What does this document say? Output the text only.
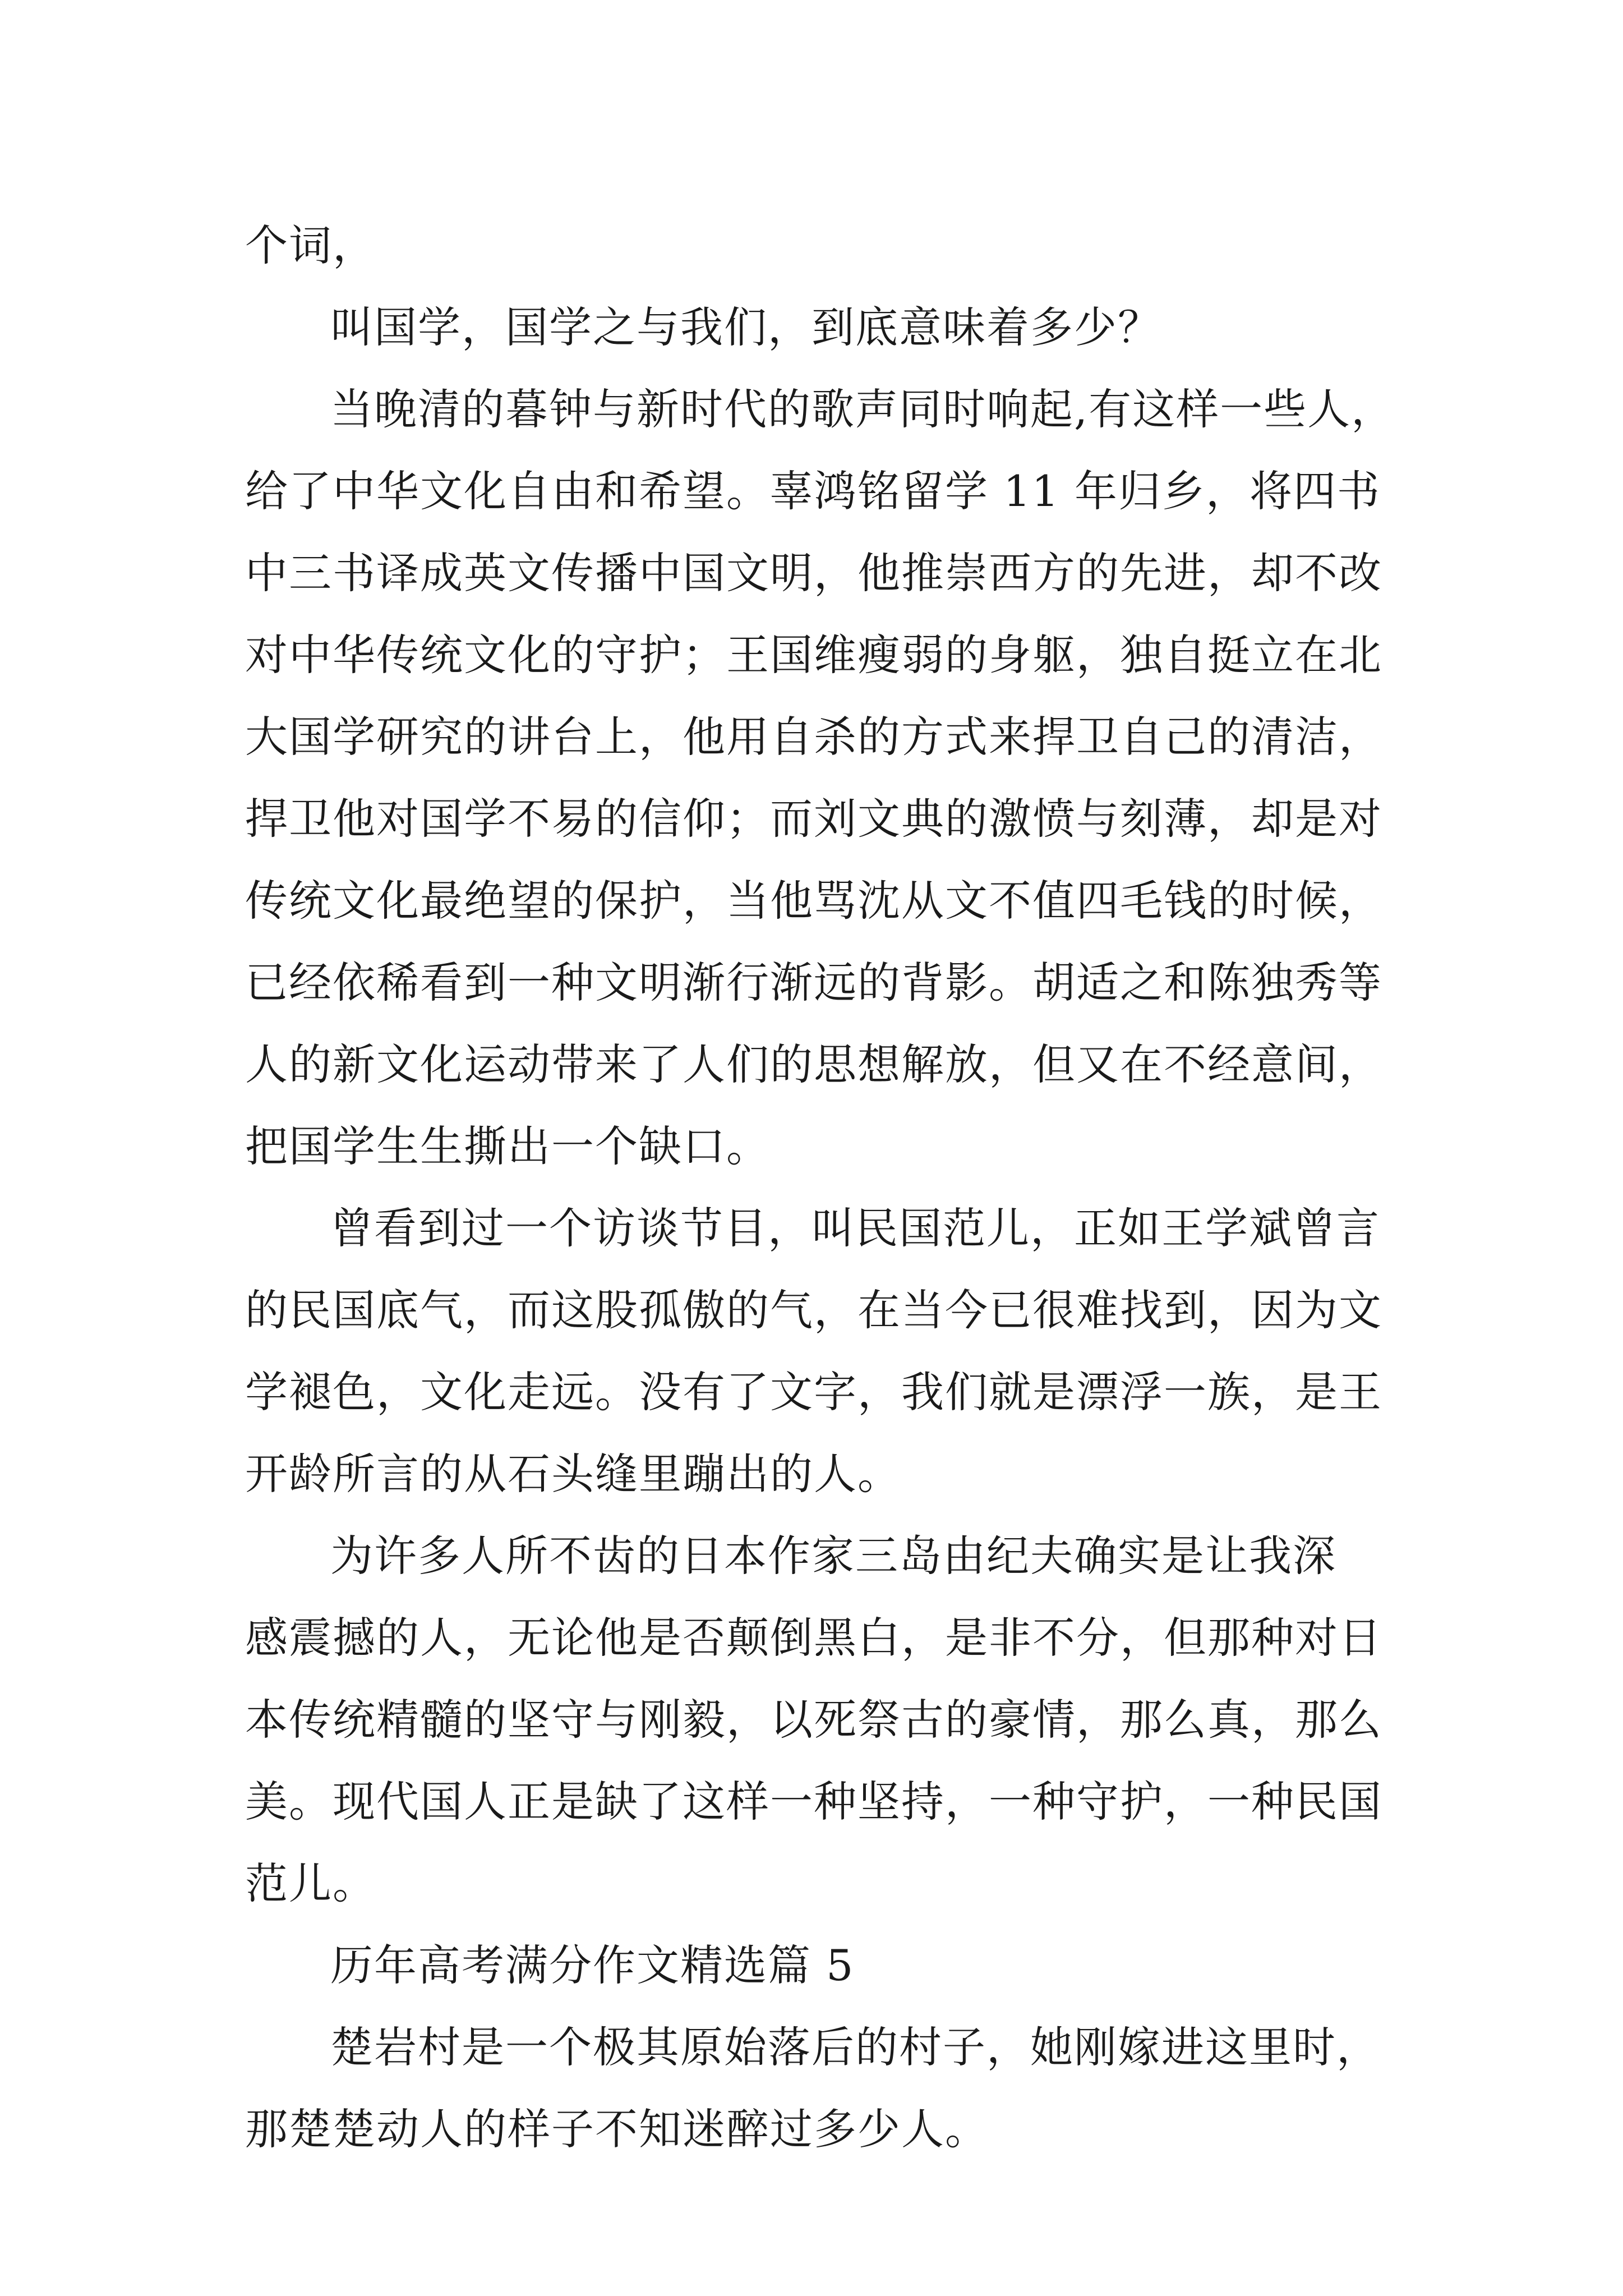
个词，
叫国学，国学之与我们，到底意味着多少？
当晚清的暮钟与新时代的歌声同时响起,有这样一些人，
给了中华文化自由和希望。辜鸿铭留学 11 年归乡，将四书
中三书译成英文传播中国文明，他推崇西方的先进，却不改
对中华传统文化的守护；王国维瘦弱的身躯，独自挺立在北
大国学研究的讲台上，他用自杀的方式来捍卫自己的清洁，
捍卫他对国学不易的信仰；而刘文典的激愤与刻薄，却是对
传统文化最绝望的保护，当他骂沈从文不值四毛钱的时候，
已经依稀看到一种文明渐行渐远的背影。胡适之和陈独秀等
人的新文化运动带来了人们的思想解放，但又在不经意间，
把国学生生撕出一个缺口。
曾看到过一个访谈节目，叫民国范儿，正如王学斌曾言
的民国底气，而这股孤傲的气，在当今已很难找到，因为文
学褪色，文化走远。没有了文字，我们就是漂浮一族，是王
开龄所言的从石头缝里蹦出的人。
为许多人所不齿的日本作家三岛由纪夫确实是让我深
感震撼的人，无论他是否颠倒黑白，是非不分，但那种对日
本传统精髓的坚守与刚毅，以死祭古的豪情，那么真，那么
美。现代国人正是缺了这样一种坚持，一种守护，一种民国
范儿。
历年高考满分作文精选篇 5
楚岩村是一个极其原始落后的村子，她刚嫁进这里时，
那楚楚动人的样子不知迷醉过多少人。
